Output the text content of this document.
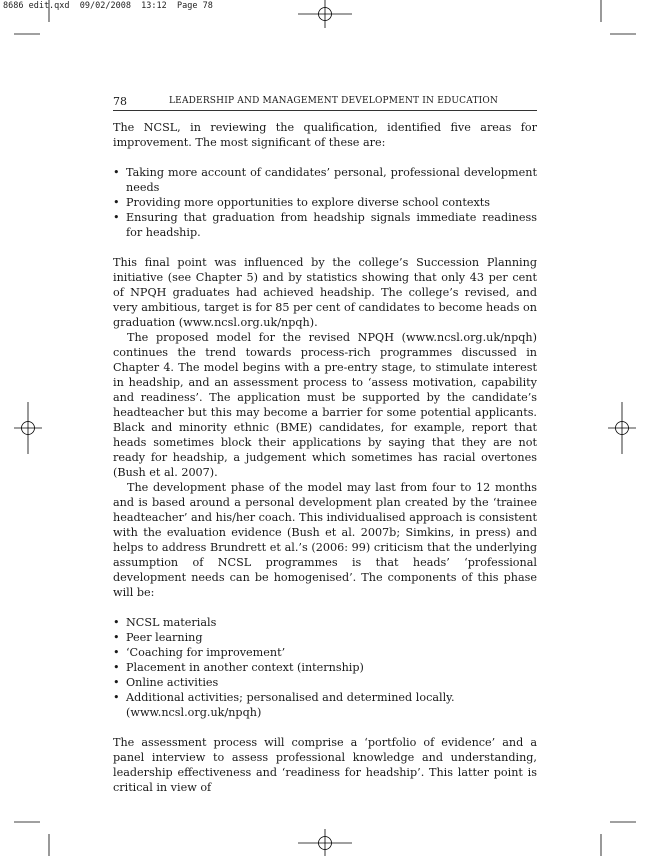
8686 edit.qxd  09/02/2008  13:12  Page 78
78	LEADERSHIP AND MANAGEMENT DEVELOPMENT IN EDUCATION

The NCSL, in reviewing the qualification, identified five areas for improvement. The most significant of these are:

• Taking more account of candidates’ personal, professional development needs
• Providing more opportunities to explore diverse school contexts
• Ensuring that graduation from headship signals immediate readiness for headship.

This final point was influenced by the college’s Succession Planning initiative (see Chapter 5) and by statistics showing that only 43 per cent of NPQH graduates had achieved headship. The college’s revised, and very ambitious, target is for 85 per cent of candidates to become heads on graduation (www.ncsl.org.uk/npqh).

The proposed model for the revised NPQH (www.ncsl.org.uk/npqh) continues the trend towards process-rich programmes discussed in Chapter 4. The model begins with a pre-entry stage, to stimulate interest in headship, and an assessment process to ‘assess motivation, capability and readiness’. The application must be supported by the candidate’s headteacher but this may become a barrier for some potential applicants. Black and minority ethnic (BME) candidates, for example, report that heads sometimes block their applications by saying that they are not ready for headship, a judgement which sometimes has racial overtones (Bush et al. 2007).

The development phase of the model may last from four to 12 months and is based around a personal development plan created by the ‘trainee headteacher’ and his/her coach. This individualised approach is consistent with the evaluation evidence (Bush et al. 2007b; Simkins, in press) and helps to address Brundrett et al.’s (2006: 99) criticism that the underlying assumption of NCSL programmes is that heads’ ‘professional development needs can be homogenised’. The components of this phase will be:

• NCSL materials
• Peer learning
• ‘Coaching for improvement’
• Placement in another context (internship)
• Online activities
• Additional activities; personalised and determined locally.
(www.ncsl.org.uk/npqh)

The assessment process will comprise a ‘portfolio of evidence’ and a panel interview to assess professional knowledge and understanding, leadership effectiveness and ‘readiness for headship’. This latter point is critical in view of
